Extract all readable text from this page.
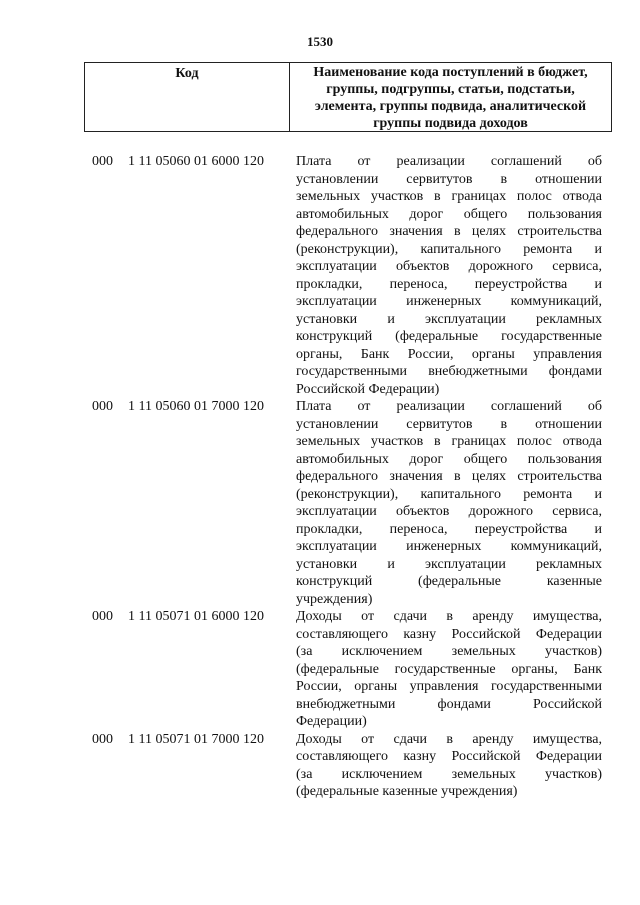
1530
Код	Наименование кода поступлений в бюджет,
группы, подгруппы, статьи, подстатьи,
элемента, группы подвида, аналитической
группы подвида доходов
000	1 11 05060 01 6000 120	Плата от реализации соглашений об
установлении сервитутов в отношении
земельных участков в границах полос отвода
автомобильных дорог общего пользования
федерального значения в целях строительства
(реконструкции), капитального ремонта и
эксплуатации объектов дорожного сервиса,
прокладки, переноса, переустройства и
эксплуатации инженерных коммуникаций,
установки и эксплуатации рекламных
конструкций (федеральные государственные
органы, Банк России, органы управления
государственными внебюджетными фондами
Российской Федерации)
000	1 11 05060 01 7000 120	Плата от реализации соглашений об
установлении сервитутов в отношении
земельных участков в границах полос отвода
автомобильных дорог общего пользования
федерального значения в целях строительства
(реконструкции), капитального ремонта и
эксплуатации объектов дорожного сервиса,
прокладки, переноса, переустройства и
эксплуатации инженерных коммуникаций,
установки и эксплуатации рекламных
конструкций (федеральные казенные
учреждения)
000	1 11 05071 01 6000 120	Доходы от сдачи в аренду имущества,
составляющего казну Российской Федерации
(за исключением земельных участков)
(федеральные государственные органы, Банк
России, органы управления государственными
внебюджетными фондами Российской
Федерации)
000	1 11 05071 01 7000 120	Доходы от сдачи в аренду имущества,
составляющего казну Российской Федерации
(за исключением земельных участков)
(федеральные казенные учреждения)
